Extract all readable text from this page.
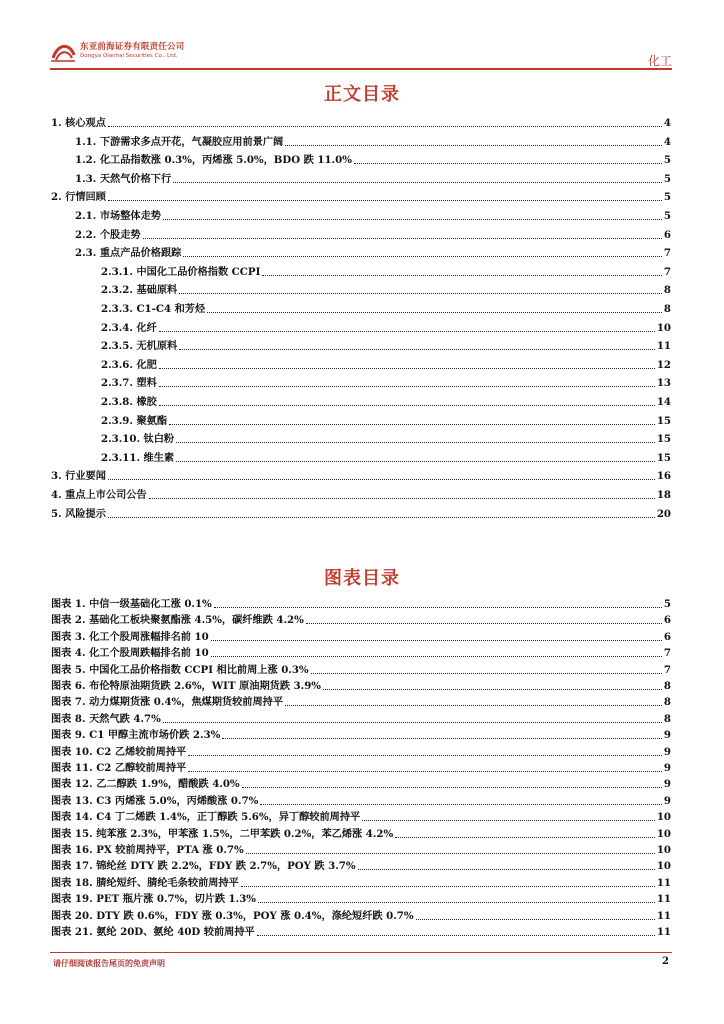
东亚前海证券有限责任公司
Dongya Qianhai Securities Co., Ltd.	化工
正文目录
1. 核心观点	4
1.1. 下游需求多点开花，气凝胶应用前景广阔	4
1.2. 化工品指数涨 0.3%，丙烯涨 5.0%，BDO 跌 11.0%	5
1.3. 天然气价格下行	5
2. 行情回顾	5
2.1. 市场整体走势	5
2.2. 个股走势	6
2.3. 重点产品价格跟踪	7
2.3.1. 中国化工品价格指数 CCPI	7
2.3.2. 基础原料	8
2.3.3. C1-C4 和芳烃	8
2.3.4. 化纤	10
2.3.5. 无机原料	11
2.3.6. 化肥	12
2.3.7. 塑料	13
2.3.8. 橡胶	14
2.3.9. 聚氨酯	15
2.3.10. 钛白粉	15
2.3.11. 维生素	15
3. 行业要闻	16
4. 重点上市公司公告	18
5. 风险提示	20
图表目录
图表 1. 中信一级基础化工涨 0.1%	5
图表 2. 基础化工板块聚氨酯涨 4.5%，碳纤维跌 4.2%	6
图表 3. 化工个股周涨幅排名前 10	6
图表 4. 化工个股周跌幅排名前 10	7
图表 5. 中国化工品价格指数 CCPI 相比前周上涨 0.3%	7
图表 6. 布伦特原油期货跌 2.6%，WIT 原油期货跌 3.9%	8
图表 7. 动力煤期货涨 0.4%，焦煤期货较前周持平	8
图表 8. 天然气跌 4.7%	8
图表 9. C1 甲醇主流市场价跌 2.3%	9
图表 10. C2 乙烯较前周持平	9
图表 11. C2 乙醇较前周持平	9
图表 12. 乙二醇跌 1.9%，醋酸跌 4.0%	9
图表 13. C3 丙烯涨 5.0%，丙烯酸涨 0.7%	9
图表 14. C4 丁二烯跌 1.4%，正丁醇跌 5.6%，异丁醇较前周持平	10
图表 15. 纯苯涨 2.3%，甲苯涨 1.5%，二甲苯跌 0.2%，苯乙烯涨 4.2%	10
图表 16. PX 较前周持平，PTA 涨 0.7%	10
图表 17. 锦纶丝 DTY 跌 2.2%，FDY 跌 2.7%，POY 跌 3.7%	10
图表 18. 腈纶短纤、腈纶毛条较前周持平	11
图表 19. PET 瓶片涨 0.7%，切片跌 1.3%	11
图表 20. DTY 跌 0.6%，FDY 涨 0.3%，POY 涨 0.4%，涤纶短纤跌 0.7%	11
图表 21. 氨纶 20D、氨纶 40D 较前周持平	11
请仔细阅读报告尾页的免责声明	2
